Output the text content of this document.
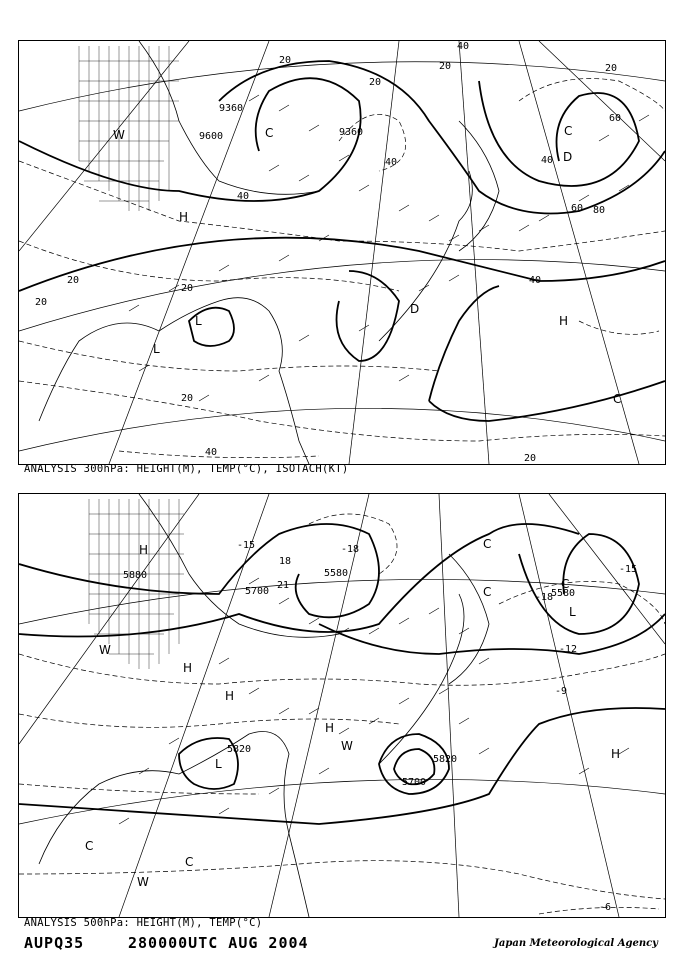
9360
9600	9360
20
20
20
40
40
40	40
40
60
60
80
20
20
20
20
20
40
20
L
H
W
H
C
C
L
D
D
C
ANALYSIS 300hPa: HEIGHT(M), TEMP(°C), ISOTACH(KT)
5880
5700
5580
5580
5820
5820
5700
-15
-18
-15
-18
-12
-9
-6
21
18
W
H
H
H
W
L
L
H
C
C
W
C
C
C
H
ANALYSIS 500hPa: HEIGHT(M), TEMP(°C)
AUPQ35	280000UTC AUG 2004	Japan Meteorological Agency
